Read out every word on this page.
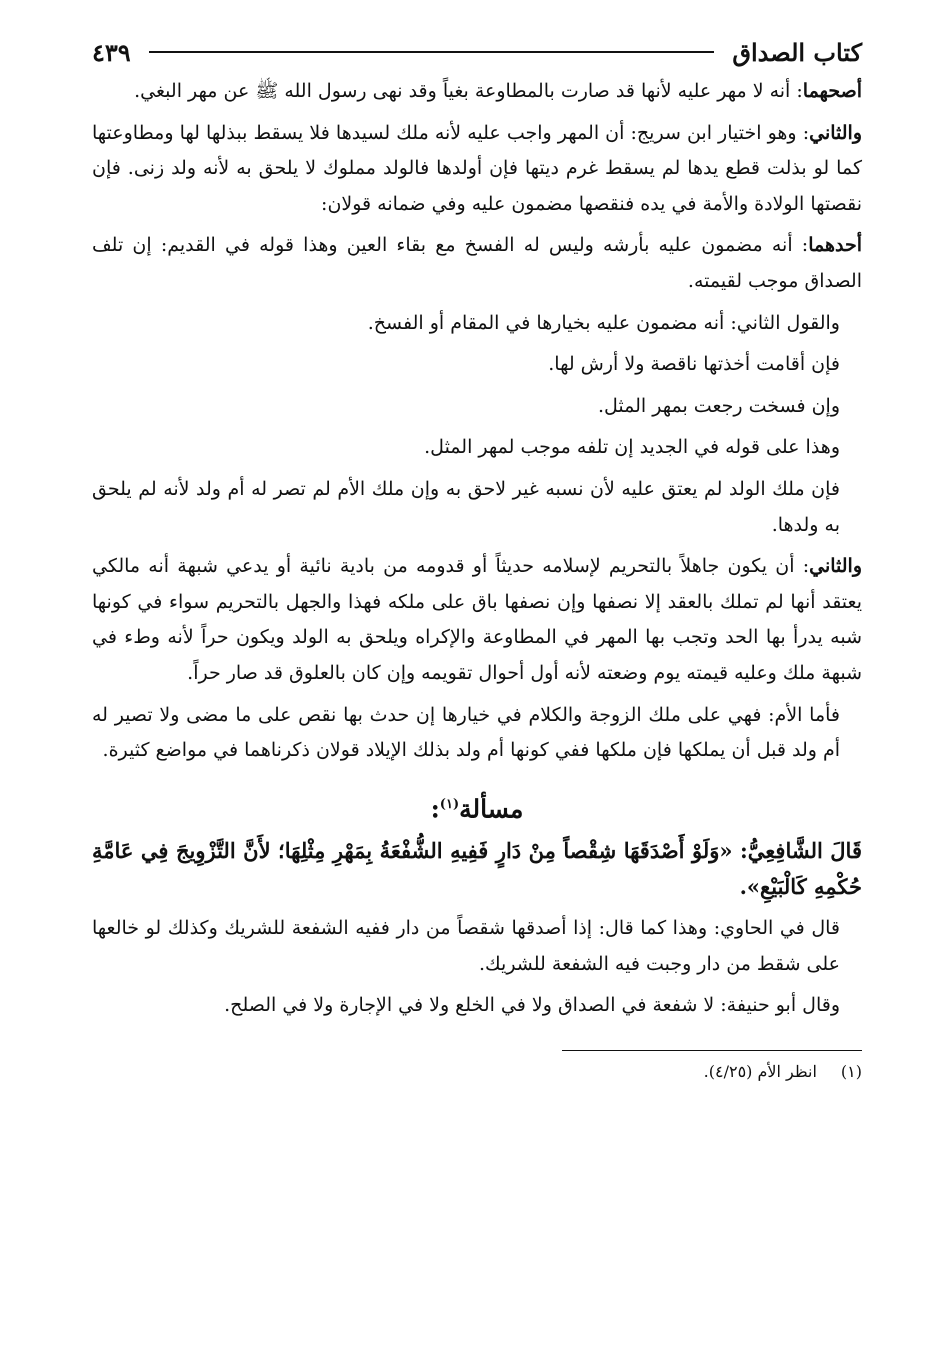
كتاب الصداق
٤٣٩

أصحهما: أنه لا مهر عليه لأنها قد صارت بالمطاوعة بغياً وقد نهى رسول الله ﷺ عن مهر البغي.

والثاني: وهو اختيار ابن سريج: أن المهر واجب عليه لأنه ملك لسيدها فلا يسقط ببذلها لها ومطاوعتها كما لو بذلت قطع يدها لم يسقط غرم ديتها فإن أولدها فالولد مملوك لا يلحق به لأنه ولد زنى. فإن نقصتها الولادة والأمة في يده فنقصها مضمون عليه وفي ضمانه قولان:

أحدهما: أنه مضمون عليه بأرشه وليس له الفسخ مع بقاء العين وهذا قوله في القديم: إن تلف الصداق موجب لقيمته.

والقول الثاني: أنه مضمون عليه بخيارها في المقام أو الفسخ.

فإن أقامت أخذتها ناقصة ولا أرش لها.

وإن فسخت رجعت بمهر المثل.

وهذا على قوله في الجديد إن تلفه موجب لمهر المثل.

فإن ملك الولد لم يعتق عليه لأن نسبه غير لاحق به وإن ملك الأم لم تصر له أم ولد لأنه لم يلحق به ولدها.

والثاني: أن يكون جاهلاً بالتحريم لإسلامه حديثاً أو قدومه من بادية نائية أو يدعي شبهة أنه مالكي يعتقد أنها لم تملك بالعقد إلا نصفها وإن نصفها باق على ملكه فهذا والجهل بالتحريم سواء في كونها شبه يدرأ بها الحد وتجب بها المهر في المطاوعة والإكراه ويلحق به الولد ويكون حراً لأنه وطء في شبهة ملك وعليه قيمته يوم وضعته لأنه أول أحوال تقويمه وإن كان بالعلوق قد صار حراً.

فأما الأم: فهي على ملك الزوجة والكلام في خيارها إن حدث بها نقص على ما مضى ولا تصير له أم ولد قبل أن يملكها فإن ملكها ففي كونها أم ولد بذلك الإيلاد قولان ذكرناهما في مواضع كثيرة.

مسألة$^{(١)}$:

قَالَ الشَّافِعِيُّ: «وَلَوْ أَصْدَقَهَا شِقْصاً مِنْ دَارٍ فَفِيهِ الشُّفْعَةُ بِمَهْرِ مِثْلِهَا؛ لأَنَّ التَّزْوِيجَ فِي عَامَّةِ حُكْمِهِ كَالْبَيْعِ».

قال في الحاوي: وهذا كما قال: إذا أصدقها شقصاً من دار ففيه الشفعة للشريك وكذلك لو خالعها على شقط من دار وجبت فيه الشفعة للشريك.

وقال أبو حنيفة: لا شفعة في الصداق ولا في الخلع ولا في الإجارة ولا في الصلح.

(١)انظر الأم (٤/٢٥).
